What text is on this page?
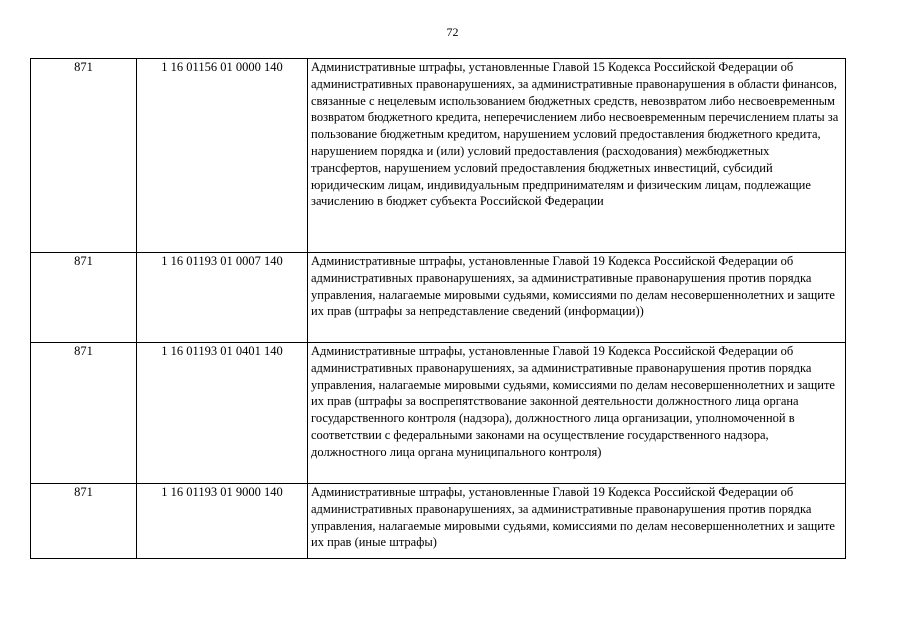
72
871	1 16 01156 01 0000 140	Административные штрафы, установленные Главой 15 Кодекса Российской Федерации об административных правонарушениях, за административные правонарушения в области финансов, связанные с нецелевым использованием бюджетных средств, невозвратом либо несвоевременным возвратом бюджетного кредита, неперечислением либо несвоевременным перечислением платы за пользование бюджетным кредитом, нарушением условий предоставления бюджетного кредита, нарушением порядка и (или) условий предоставления (расходования) межбюджетных трансфертов, нарушением условий предоставления бюджетных инвестиций, субсидий юридическим лицам, индивидуальным предпринимателям и физическим лицам, подлежащие зачислению в бюджет субъекта Российской Федерации
871	1 16 01193 01 0007 140	Административные штрафы, установленные Главой 19 Кодекса Российской Федерации об административных правонарушениях, за административные правонарушения против порядка управления, налагаемые мировыми судьями, комиссиями по делам несовершеннолетних и защите их прав (штрафы за непредставление сведений (информации))
871	1 16 01193 01 0401 140	Административные штрафы, установленные Главой 19 Кодекса Российской Федерации об административных правонарушениях, за административные правонарушения против порядка управления, налагаемые мировыми судьями, комиссиями по делам несовершеннолетних и защите их прав (штрафы за воспрепятствование законной деятельности должностного лица органа государственного контроля (надзора), должностного лица организации, уполномоченной в соответствии с федеральными законами на осуществление государственного надзора, должностного лица органа муниципального контроля)
871	1 16 01193 01 9000 140	Административные штрафы, установленные Главой 19 Кодекса Российской Федерации об административных правонарушениях, за административные правонарушения против порядка управления, налагаемые мировыми судьями, комиссиями по делам несовершеннолетних и защите их прав (иные штрафы)
